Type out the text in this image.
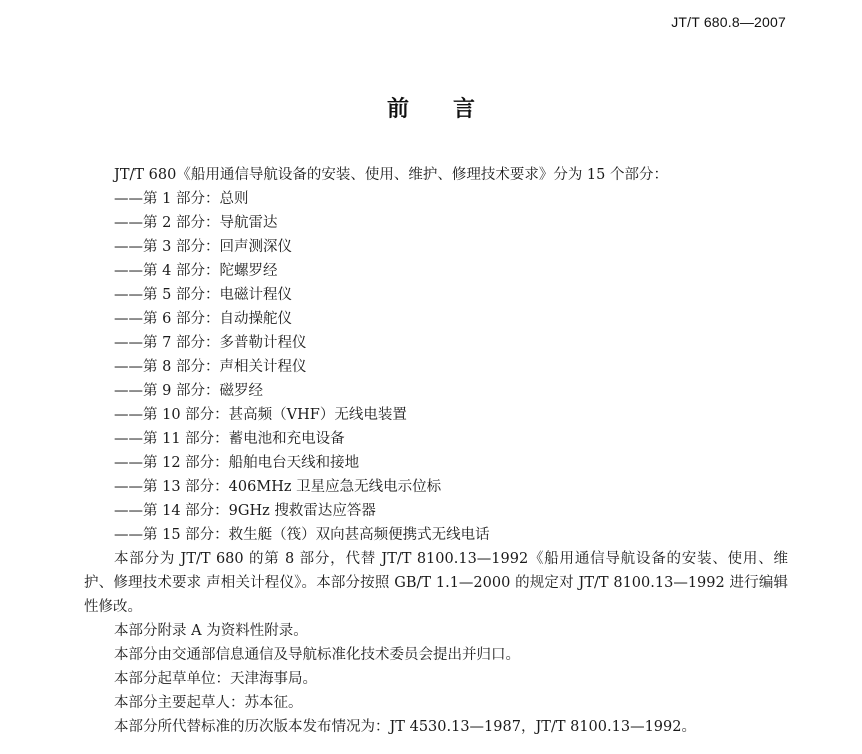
JT/T 680.8—2007
前言

JT/T 680《船用通信导航设备的安装、使用、维护、修理技术要求》分为 15 个部分：

——第 1 部分：总则
——第 2 部分：导航雷达
——第 3 部分：回声测深仪
——第 4 部分：陀螺罗经
——第 5 部分：电磁计程仪
——第 6 部分：自动操舵仪
——第 7 部分：多普勒计程仪
——第 8 部分：声相关计程仪
——第 9 部分：磁罗经
——第 10 部分：甚高频（VHF）无线电装置
——第 11 部分：蓄电池和充电设备
——第 12 部分：船舶电台天线和接地
——第 13 部分：406MHz 卫星应急无线电示位标
——第 14 部分：9GHz 搜救雷达应答器
——第 15 部分：救生艇（筏）双向甚高频便携式无线电话

本部分为 JT/T 680 的第 8 部分，代替 JT/T 8100.13—1992《船用通信导航设备的安装、使用、维护、修理技术要求 声相关计程仪》。本部分按照 GB/T 1.1—2000 的规定对 JT/T 8100.13—1992 进行编辑性修改。

本部分附录 A 为资料性附录。

本部分由交通部信息通信及导航标准化技术委员会提出并归口。

本部分起草单位：天津海事局。

本部分主要起草人：苏本征。

本部分所代替标准的历次版本发布情况为：JT 4530.13—1987，JT/T 8100.13—1992。
